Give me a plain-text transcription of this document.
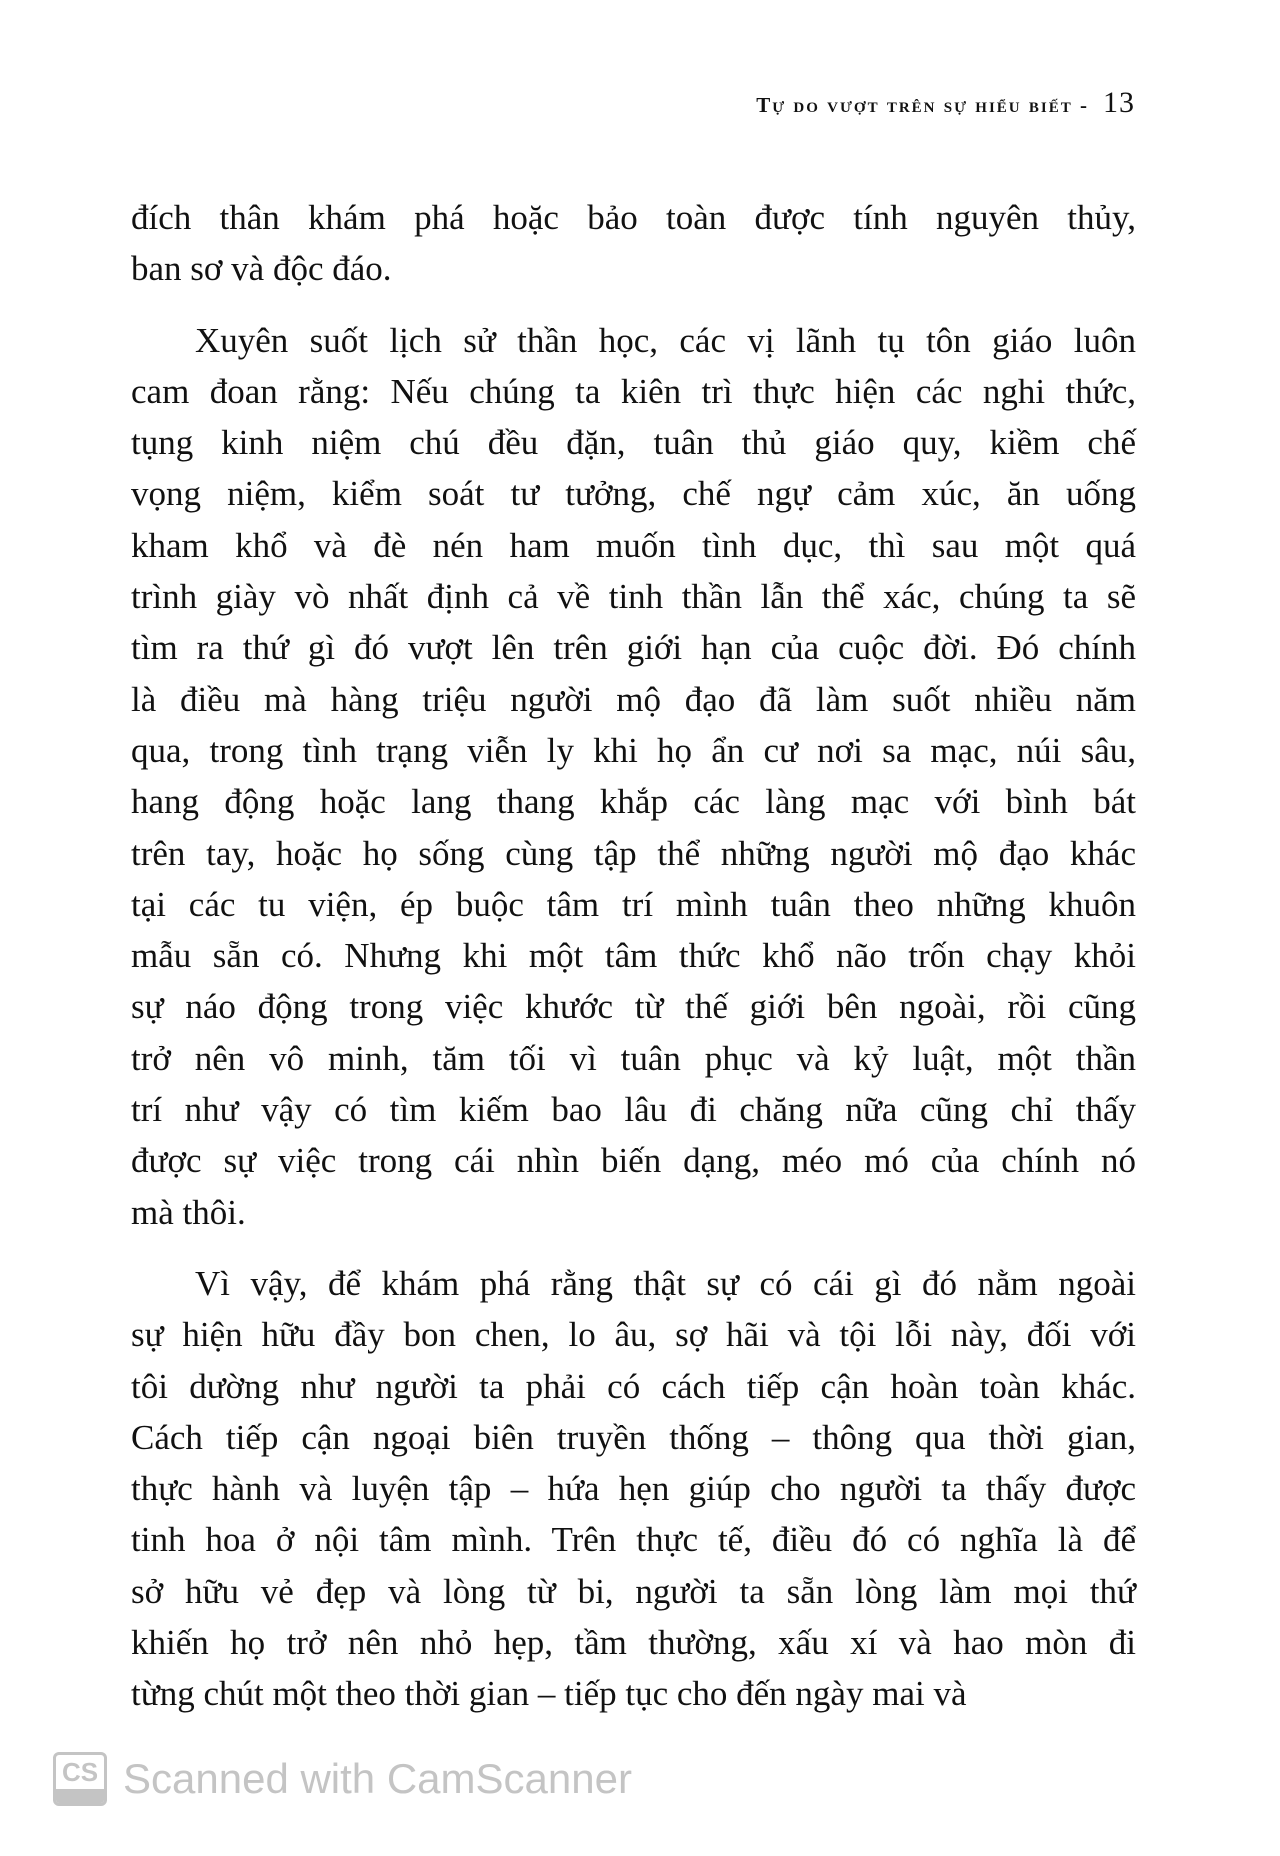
Tự do vượt trên sự hiểu biết - 13
đích thân khám phá hoặc bảo toàn được tính nguyên thủy,
ban sơ và độc đáo.
Xuyên suốt lịch sử thần học, các vị lãnh tụ tôn giáo luôn
cam đoan rằng: Nếu chúng ta kiên trì thực hiện các nghi thức,
tụng kinh niệm chú đều đặn, tuân thủ giáo quy, kiềm chế
vọng niệm, kiểm soát tư tưởng, chế ngự cảm xúc, ăn uống
kham khổ và đè nén ham muốn tình dục, thì sau một quá
trình giày vò nhất định cả về tinh thần lẫn thể xác, chúng ta sẽ
tìm ra thứ gì đó vượt lên trên giới hạn của cuộc đời. Đó chính
là điều mà hàng triệu người mộ đạo đã làm suốt nhiều năm
qua, trong tình trạng viễn ly khi họ ẩn cư nơi sa mạc, núi sâu,
hang động hoặc lang thang khắp các làng mạc với bình bát
trên tay, hoặc họ sống cùng tập thể những người mộ đạo khác
tại các tu viện, ép buộc tâm trí mình tuân theo những khuôn
mẫu sẵn có. Nhưng khi một tâm thức khổ não trốn chạy khỏi
sự náo động trong việc khước từ thế giới bên ngoài, rồi cũng
trở nên vô minh, tăm tối vì tuân phục và kỷ luật, một thần
trí như vậy có tìm kiếm bao lâu đi chăng nữa cũng chỉ thấy
được sự việc trong cái nhìn biến dạng, méo mó của chính nó
mà thôi.
Vì vậy, để khám phá rằng thật sự có cái gì đó nằm ngoài
sự hiện hữu đầy bon chen, lo âu, sợ hãi và tội lỗi này, đối với
tôi dường như người ta phải có cách tiếp cận hoàn toàn khác.
Cách tiếp cận ngoại biên truyền thống – thông qua thời gian,
thực hành và luyện tập – hứa hẹn giúp cho người ta thấy được
tinh hoa ở nội tâm mình. Trên thực tế, điều đó có nghĩa là để
sở hữu vẻ đẹp và lòng từ bi, người ta sẵn lòng làm mọi thứ
khiến họ trở nên nhỏ hẹp, tầm thường, xấu xí và hao mòn đi
từng chút một theo thời gian – tiếp tục cho đến ngày mai và
CS Scanned with CamScanner
